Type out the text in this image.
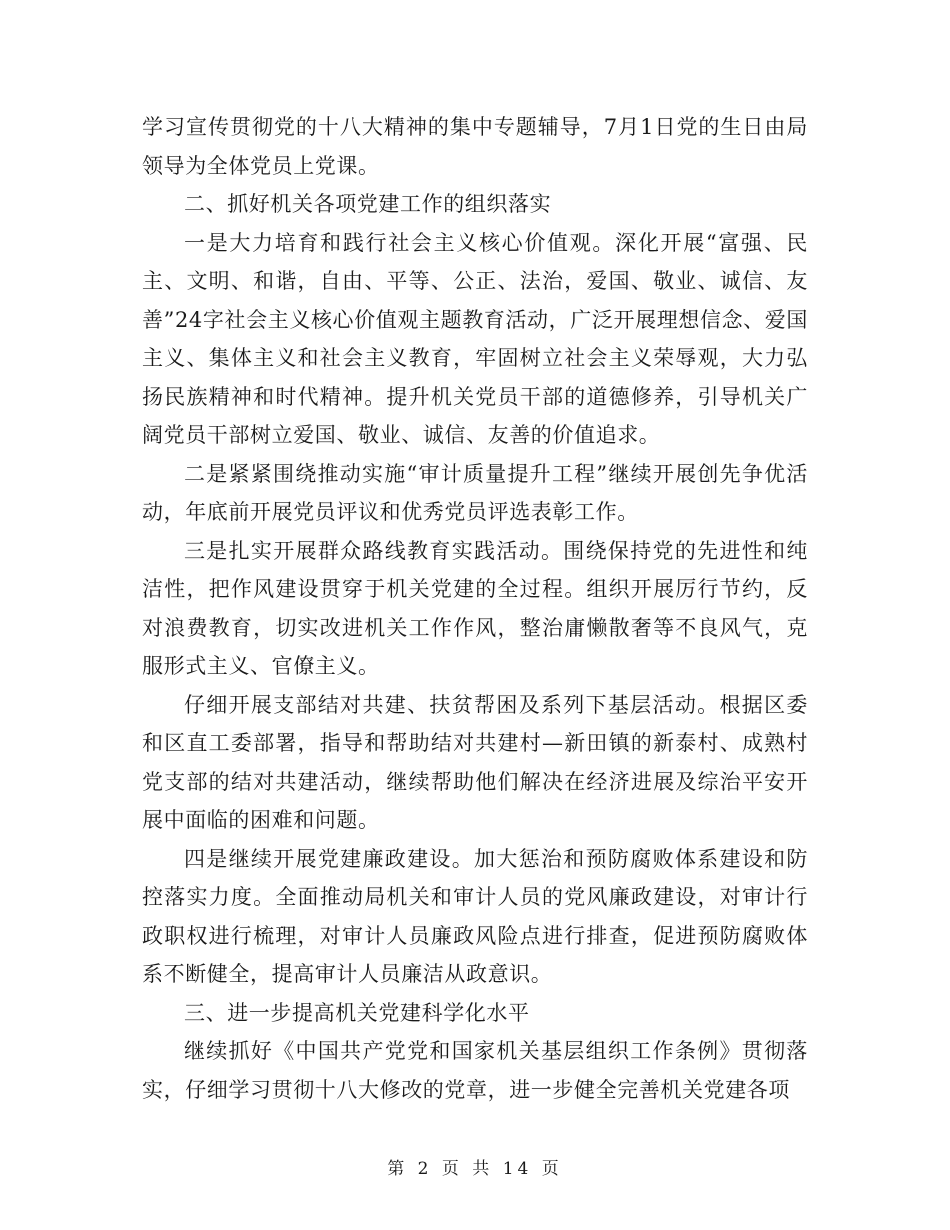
学习宣传贯彻党的十八大精神的集中专题辅导，7月1日党的生日由局领导为全体党员上党课。

二、抓好机关各项党建工作的组织落实

一是大力培育和践行社会主义核心价值观。深化开展“富强、民主、文明、和谐，自由、平等、公正、法治，爱国、敬业、诚信、友善”24字社会主义核心价值观主题教育活动，广泛开展理想信念、爱国主义、集体主义和社会主义教育，牢固树立社会主义荣辱观，大力弘扬民族精神和时代精神。提升机关党员干部的道德修养，引导机关广阔党员干部树立爱国、敬业、诚信、友善的价值追求。

二是紧紧围绕推动实施“审计质量提升工程”继续开展创先争优活动，年底前开展党员评议和优秀党员评选表彰工作。

三是扎实开展群众路线教育实践活动。围绕保持党的先进性和纯洁性，把作风建设贯穿于机关党建的全过程。组织开展厉行节约，反对浪费教育，切实改进机关工作作风，整治庸懒散奢等不良风气，克服形式主义、官僚主义。

仔细开展支部结对共建、扶贫帮困及系列下基层活动。根据区委和区直工委部署，指导和帮助结对共建村—新田镇的新泰村、成熟村党支部的结对共建活动，继续帮助他们解决在经济进展及综治平安开展中面临的困难和问题。

四是继续开展党建廉政建设。加大惩治和预防腐败体系建设和防控落实力度。全面推动局机关和审计人员的党风廉政建设，对审计行政职权进行梳理，对审计人员廉政风险点进行排查，促进预防腐败体系不断健全，提高审计人员廉洁从政意识。

三、进一步提高机关党建科学化水平

继续抓好《中国共产党党和国家机关基层组织工作条例》贯彻落实，仔细学习贯彻十八大修改的党章，进一步健全完善机关党建各项

第 2 页 共 14 页
